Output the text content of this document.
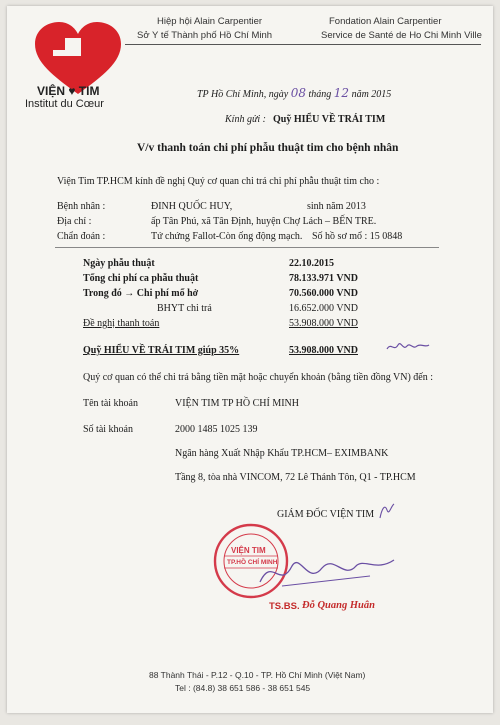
VIỆN ♥ TIM
Institut du Cœur
Hiệp hội Alain Carpentier
Sở Y tế Thành phố Hồ Chí Minh
Fondation Alain Carpentier
Service de Santé de Ho Chi Minh Ville
TP Hồ Chí Minh, ngày 08 tháng 12 năm 2015
Kính gửi : Quỹ HIỂU VỀ TRÁI TIM
V/v thanh toán chi phí phẫu thuật tim cho bệnh nhân
Viện Tim TP.HCM kính đề nghị Quý cơ quan chi trả chi phí phẫu thuật tim cho :
Bệnh nhân :	ĐINH QUỐC HUY,	sinh năm 2013
Địa chỉ :	ấp Tân Phú, xã Tân Định, huyện Chợ Lách – BẾN TRE.
Chẩn đoán :	Tứ chứng Fallot-Còn ống động mạch. Số hồ sơ mổ : 15 0848
Ngày phẫu thuật	22.10.2015
Tổng chi phí ca phẫu thuật	78.133.971 VND
Trong đó → Chi phí mổ hở	70.560.000 VND
BHYT chi trả	16.652.000 VND
Đề nghị thanh toán	53.908.000 VND
Quỹ HIỂU VỀ TRÁI TIM giúp 35%	53.908.000 VND
Quý cơ quan có thể chi trả bằng tiền mặt hoặc chuyển khoản (bằng tiền đồng VN) đến :
Tên tài khoản	VIỆN TIM TP HỒ CHÍ MINH
Số tài khoản	2000 1485 1025 139
Ngân hàng Xuất Nhập Khẩu TP.HCM– EXIMBANK
Tầng 8, tòa nhà VINCOM, 72 Lê Thánh Tôn, Q1 - TP.HCM
GIÁM ĐỐC VIỆN TIM
VIỆN TIM
TP.HỒ CHÍ MINH
TS.BS. Đỗ Quang Huân
88 Thành Thái - P.12 - Q.10 - TP. Hồ Chí Minh (Việt Nam)
Tel : (84.8) 38 651 586 - 38 651 545
